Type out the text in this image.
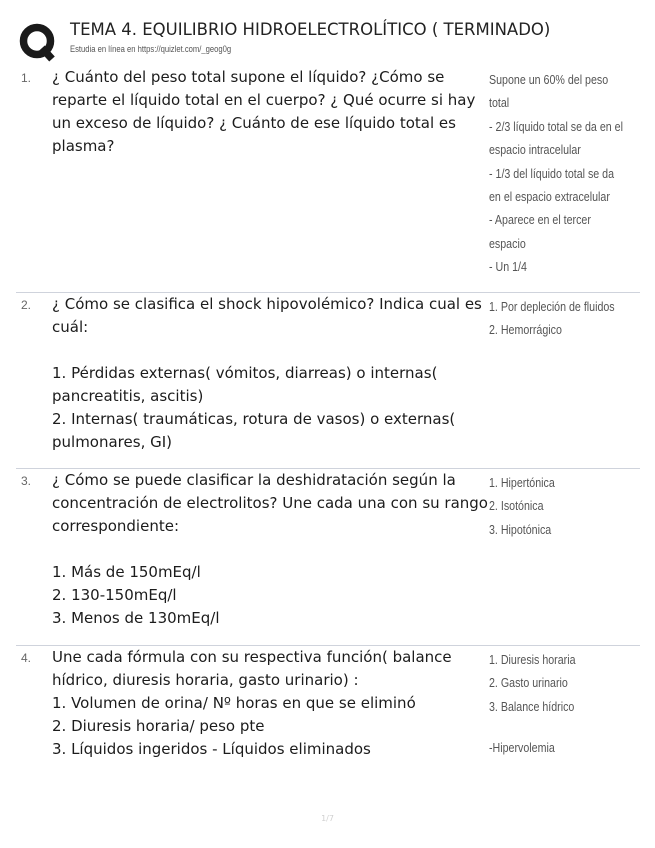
TEMA 4. EQUILIBRIO HIDROELECTROLÍTICO ( TERMINADO)
Estudia en línea en https://quizlet.com/_geog0g
1. ¿ Cuánto del peso total supone el líquido? ¿Cómo se reparte el líquido total en el cuerpo? ¿ Qué ocurre si hay un exceso de líquido? ¿ Cuánto de ese líquido total es plasma?

Supone un 60% del peso total

- 2/3 líquido total se da en el espacio intracelular

- 1/3 del líquido total se da en el espacio extracelular

- Aparece en el tercer espacio

- Un 1/4

2. ¿ Cómo se clasifica el shock hipovolémico? Indica cual es cuál:

1. Pérdidas externas( vómitos, diarreas) o internas( pancreatitis, ascitis)

2. Internas( traumáticas, rotura de vasos) o externas( pulmonares, GI)

1. Por depleción de fluidos

2. Hemorrágico

3. ¿ Cómo se puede clasificar la deshidratación según la concentración de electrolitos? Une cada una con su rango correspondiente:

1. Más de 150mEq/l

2. 130-150mEq/l

3. Menos de 130mEq/l

1. Hipertónica

2. Isotónica

3. Hipotónica

4. Une cada fórmula con su respectiva función( balance hídrico, diuresis horaria, gasto urinario) :

1. Volumen de orina/ Nº horas en que se eliminó

2. Diuresis horaria/ peso pte

3. Líquidos ingeridos - Líquidos eliminados

1. Diuresis horaria

2. Gasto urinario

3. Balance hídrico

-Hipervolemia

1/7
